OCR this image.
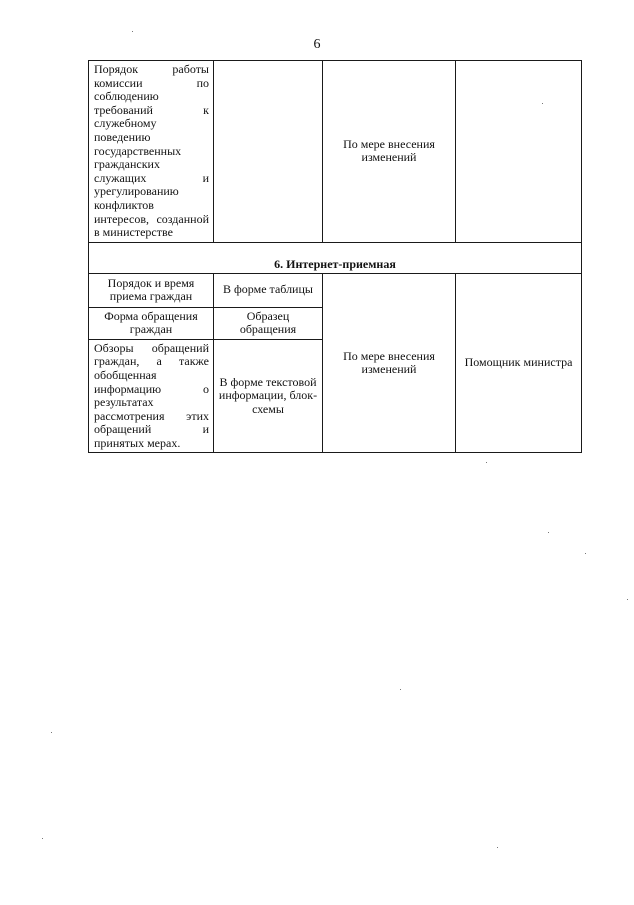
6
Порядок работы комиссии по соблюдению требований к служебному поведению государственных гражданских служащих и урегулированию конфликтов интересов, созданной в министерстве		По мере внесения изменений	
6. Интернет-приемная			
Порядок и время приема граждан	В форме таблицы	По мере внесения изменений	Помощник министра
Форма обращения граждан	Образец обращения		
Обзоры обращений граждан, а также обобщенная информацию о результатах рассмотрения этих обращений и принятых мерах.	В форме текстовой информации, блок-схемы		
